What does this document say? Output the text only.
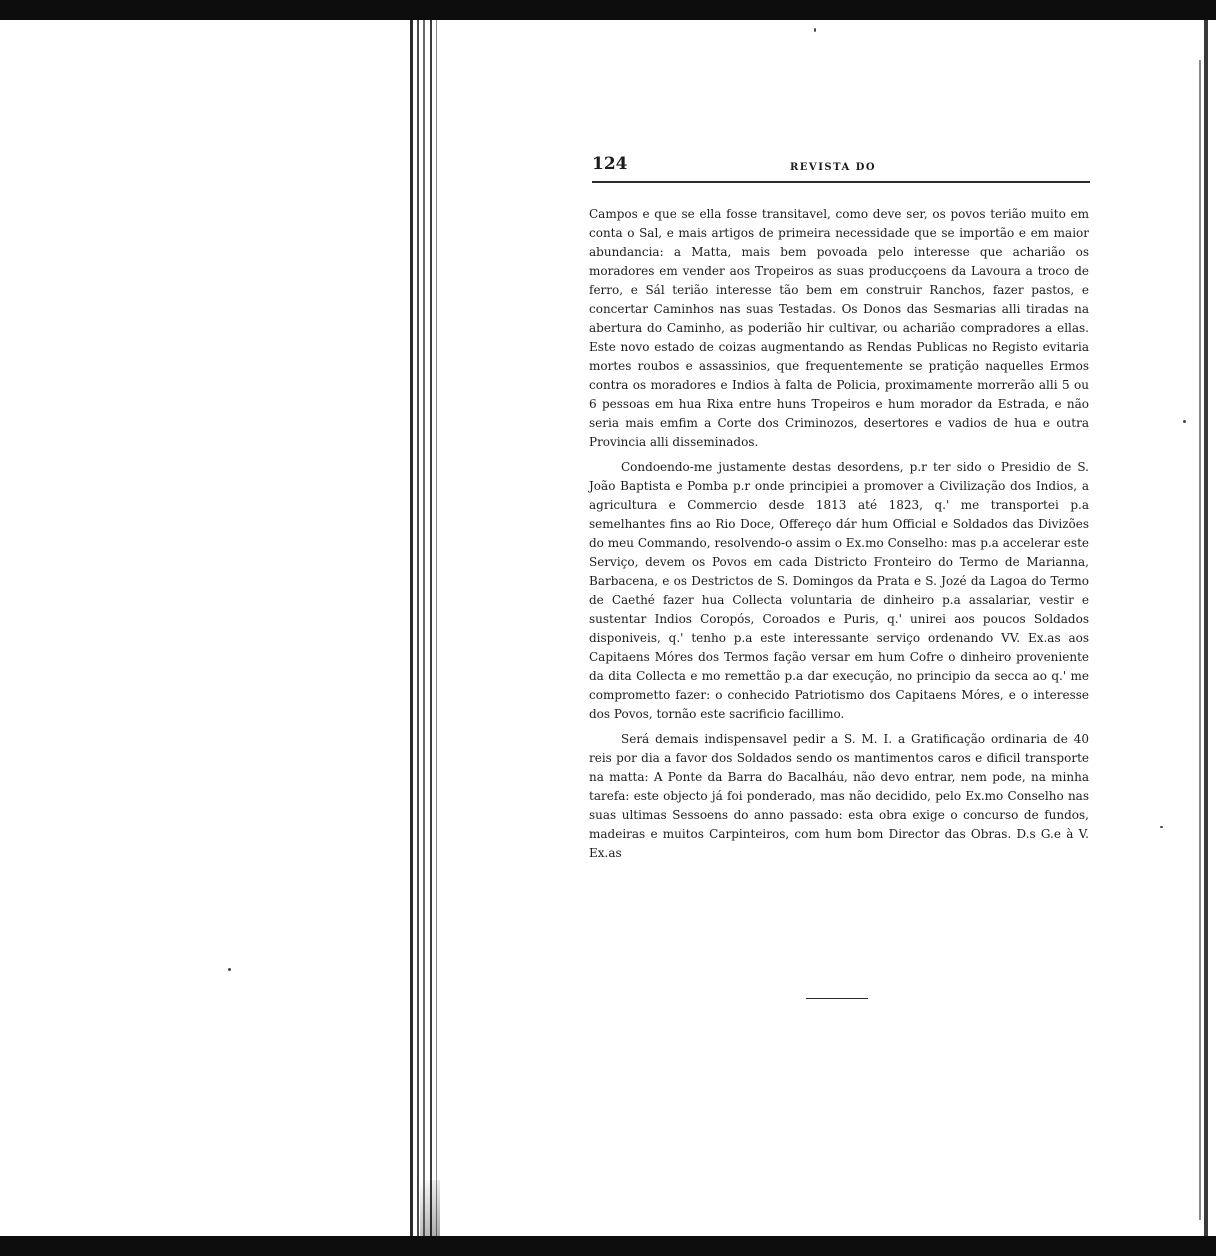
124	REVISTA DO

Campos e que se ella fosse transitavel, como deve ser, os povos terião muito em conta o Sal, e mais artigos de primeira necessidade que se importão e em maior abundancia: a Matta, mais bem povoada pelo interesse que acharião os moradores em vender aos Tropeiros as suas producçoens da Lavoura a troco de ferro, e Sál terião interesse tão bem em construir Ranchos, fazer pastos, e concertar Caminhos nas suas Testadas. Os Donos das Sesmarias alli tiradas na abertura do Caminho, as poderião hir cultivar, ou acharião compradores a ellas. Este novo estado de coizas augmentando as Rendas Publicas no Registo evitaria mortes roubos e assassinios, que frequentemente se pratição naquelles Ermos contra os moradores e Indios à falta de Policia, proximamente morrerão alli 5 ou 6 pessoas em hua Rixa entre huns Tropeiros e hum morador da Estrada, e não seria mais emfim a Corte dos Criminozos, desertores e vadios de hua e outra Provincia alli disseminados.

Condoendo-me justamente destas desordens, p.r ter sido o Presidio de S. João Baptista e Pomba p.r onde principiei a promover a Civilização dos Indios, a agricultura e Commercio desde 1813 até 1823, q.' me transportei p.a semelhantes fins ao Rio Doce, Offereço dár hum Official e Soldados das Divizões do meu Commando, resolvendo-o assim o Ex.mo Conselho: mas p.a accelerar este Serviço, devem os Povos em cada Districto Fronteiro do Termo de Marianna, Barbacena, e os Destrictos de S. Domingos da Prata e S. Jozé da Lagoa do Termo de Caethé fazer hua Collecta voluntaria de dinheiro p.a assalariar, vestir e sustentar Indios Coropós, Coroados e Puris, q.' unirei aos poucos Soldados disponiveis, q.' tenho p.a este interessante serviço ordenando VV. Ex.as aos Capitaens Móres dos Termos fação versar em hum Cofre o dinheiro proveniente da dita Collecta e mo remettão p.a dar execução, no principio da secca ao q.' me comprometto fazer: o conhecido Patriotismo dos Capitaens Móres, e o interesse dos Povos, tornão este sacrificio facillimo.

Será demais indispensavel pedir a S. M. I. a Gratificação ordinaria de 40 reis por dia a favor dos Soldados sendo os mantimentos caros e dificil transporte na matta: A Ponte da Barra do Bacalháu, não devo entrar, nem pode, na minha tarefa: este objecto já foi ponderado, mas não decidido, pelo Ex.mo Conselho nas suas ultimas Sessoens do anno passado: esta obra exige o concurso de fundos, madeiras e muitos Carpinteiros, com hum bom Director das Obras. D.s G.e à V. Ex.as
